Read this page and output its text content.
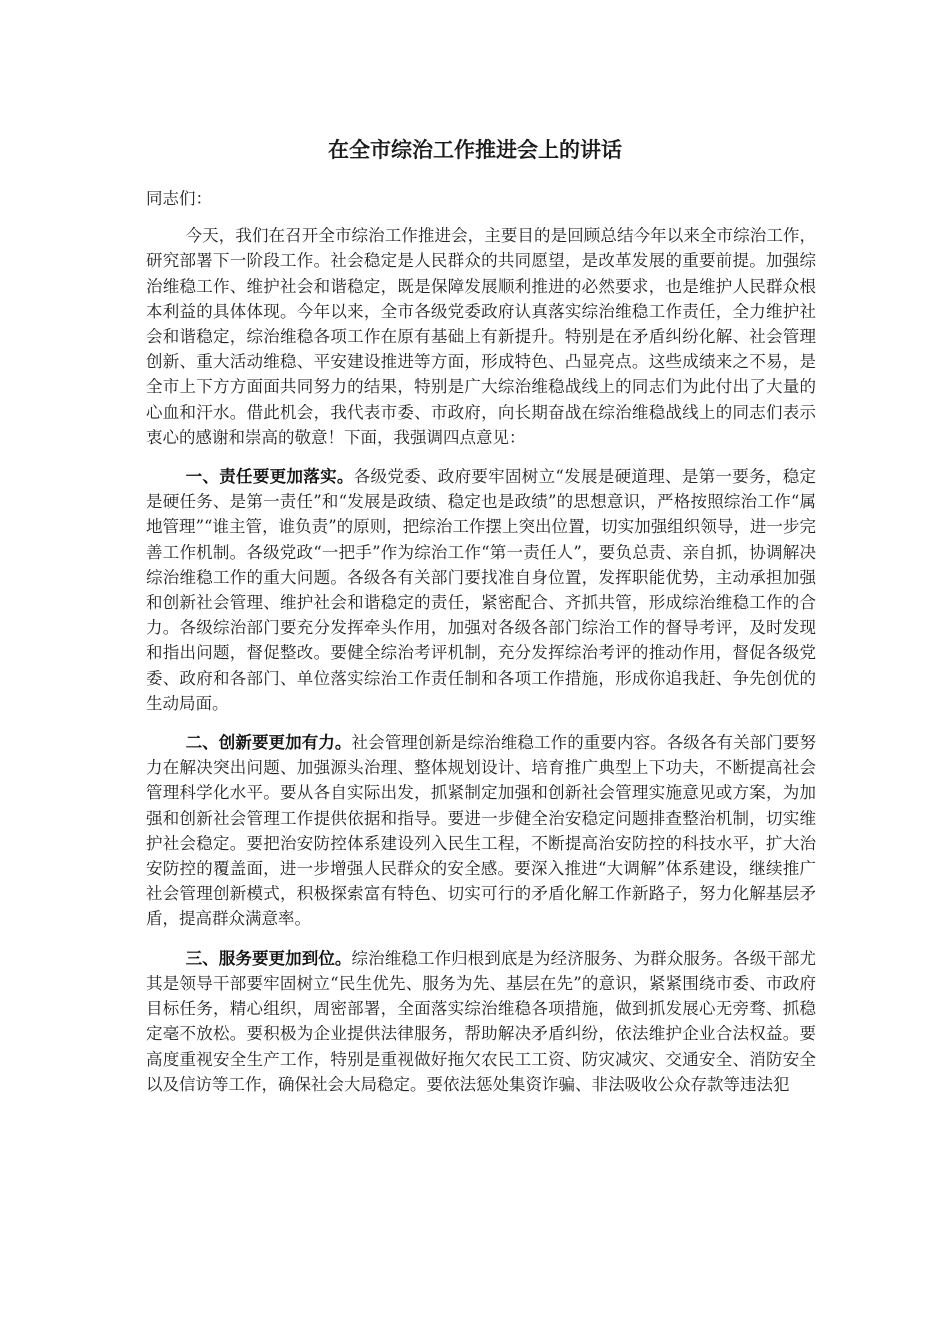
在全市综治工作推进会上的讲话

同志们：

今天，我们在召开全市综治工作推进会，主要目的是回顾总结今年以来全市综治工作，研究部署下一阶段工作。社会稳定是人民群众的共同愿望，是改革发展的重要前提。加强综治维稳工作、维护社会和谐稳定，既是保障发展顺利推进的必然要求，也是维护人民群众根本利益的具体体现。今年以来，全市各级党委政府认真落实综治维稳工作责任，全力维护社会和谐稳定，综治维稳各项工作在原有基础上有新提升。特别是在矛盾纠纷化解、社会管理创新、重大活动维稳、平安建设推进等方面，形成特色、凸显亮点。这些成绩来之不易，是全市上下方方面面共同努力的结果，特别是广大综治维稳战线上的同志们为此付出了大量的心血和汗水。借此机会，我代表市委、市政府，向长期奋战在综治维稳战线上的同志们表示衷心的感谢和崇高的敬意！下面，我强调四点意见：

一、责任要更加落实。各级党委、政府要牢固树立“发展是硬道理、是第一要务，稳定是硬任务、是第一责任”和“发展是政绩、稳定也是政绩”的思想意识，严格按照综治工作“属地管理”“谁主管，谁负责”的原则，把综治工作摆上突出位置，切实加强组织领导，进一步完善工作机制。各级党政“一把手”作为综治工作“第一责任人”，要负总责、亲自抓，协调解决综治维稳工作的重大问题。各级各有关部门要找准自身位置，发挥职能优势，主动承担加强和创新社会管理、维护社会和谐稳定的责任，紧密配合、齐抓共管，形成综治维稳工作的合力。各级综治部门要充分发挥牵头作用，加强对各级各部门综治工作的督导考评，及时发现和指出问题，督促整改。要健全综治考评机制，充分发挥综治考评的推动作用，督促各级党委、政府和各部门、单位落实综治工作责任制和各项工作措施，形成你追我赶、争先创优的生动局面。

二、创新要更加有力。社会管理创新是综治维稳工作的重要内容。各级各有关部门要努力在解决突出问题、加强源头治理、整体规划设计、培育推广典型上下功夫，不断提高社会管理科学化水平。要从各自实际出发，抓紧制定加强和创新社会管理实施意见或方案，为加强和创新社会管理工作提供依据和指导。要进一步健全治安稳定问题排查整治机制，切实维护社会稳定。要把治安防控体系建设列入民生工程，不断提高治安防控的科技水平，扩大治安防控的覆盖面，进一步增强人民群众的安全感。要深入推进“大调解”体系建设，继续推广社会管理创新模式，积极探索富有特色、切实可行的矛盾化解工作新路子，努力化解基层矛盾，提高群众满意率。

三、服务要更加到位。综治维稳工作归根到底是为经济服务、为群众服务。各级干部尤其是领导干部要牢固树立“民生优先、服务为先、基层在先”的意识，紧紧围绕市委、市政府目标任务，精心组织，周密部署，全面落实综治维稳各项措施，做到抓发展心无旁骛、抓稳定毫不放松。要积极为企业提供法律服务，帮助解决矛盾纠纷，依法维护企业合法权益。要高度重视安全生产工作，特别是重视做好拖欠农民工工资、防灾减灾、交通安全、消防安全以及信访等工作，确保社会大局稳定。要依法惩处集资诈骗、非法吸收公众存款等违法犯
